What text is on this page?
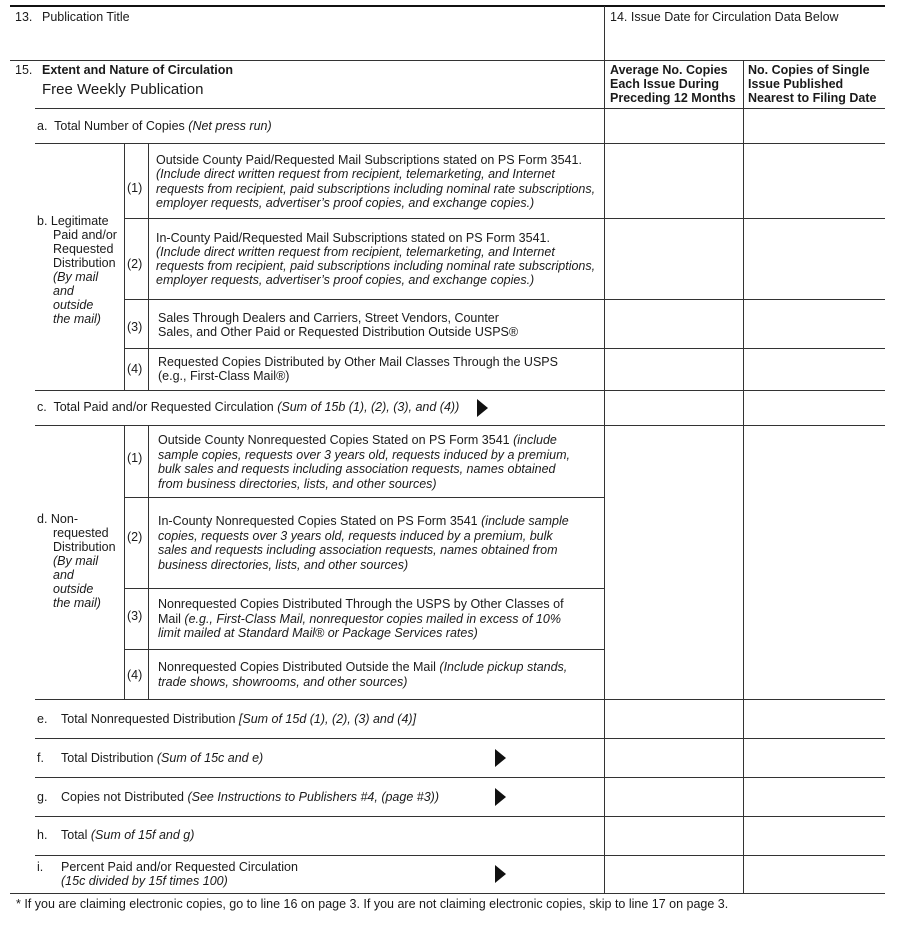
13. Publication Title	14. Issue Date for Circulation Data Below
15. Extent and Nature of Circulation
Free Weekly Publication
Average No. Copies
Each Issue During
Preceding 12 Months
No. Copies of Single
Issue Published
Nearest to Filing Date
a. Total Number of Copies (Net press run)
b. Legitimate
Paid and/or
Requested
Distribution
(By mail
and
outside
the mail)
(1)
Outside County Paid/Requested Mail Subscriptions stated on PS Form 3541.
(Include direct written request from recipient, telemarketing, and Internet
requests from recipient, paid subscriptions including nominal rate subscriptions,
employer requests, advertiser’s proof copies, and exchange copies.)
(2)
In-County Paid/Requested Mail Subscriptions stated on PS Form 3541.
(Include direct written request from recipient, telemarketing, and Internet
requests from recipient, paid subscriptions including nominal rate subscriptions,
employer requests, advertiser’s proof copies, and exchange copies.)
(3)
Sales Through Dealers and Carriers, Street Vendors, Counter
Sales, and Other Paid or Requested Distribution Outside USPS®
(4) Requested Copies Distributed by Other Mail Classes Through the USPS
(e.g., First-Class Mail®)
c. Total Paid and/or Requested Circulation (Sum of 15b (1), (2), (3), and (4))
d. Non-
requested
Distribution
(By mail
and
outside
the mail)
(1)
Outside County Nonrequested Copies Stated on PS Form 3541 (include sample copies, requests over 3 years old, requests induced by a premium, bulk sales and requests including association requests, names obtained from business directories, lists, and other sources)
(2)
In-County Nonrequested Copies Stated on PS Form 3541 (include sample copies, requests over 3 years old, requests induced by a premium, bulk sales and requests including association requests, names obtained from business directories, lists, and other sources)
(3)
Nonrequested Copies Distributed Through the USPS by Other Classes of Mail (e.g., First-Class Mail, nonrequestor copies mailed in excess of 10% limit mailed at Standard Mail® or Package Services rates)
(4)
Nonrequested Copies Distributed Outside the Mail (Include pickup stands, trade shows, showrooms, and other sources)
e. Total Nonrequested Distribution [Sum of 15d (1), (2), (3) and (4)]
f. Total Distribution (Sum of 15c and e)
g. Copies not Distributed (See Instructions to Publishers #4, (page #3))
h. Total (Sum of 15f and g)
i. Percent Paid and/or Requested Circulation
(15c divided by 15f times 100)
* If you are claiming electronic copies, go to line 16 on page 3. If you are not claiming electronic copies, skip to line 17 on page 3.
